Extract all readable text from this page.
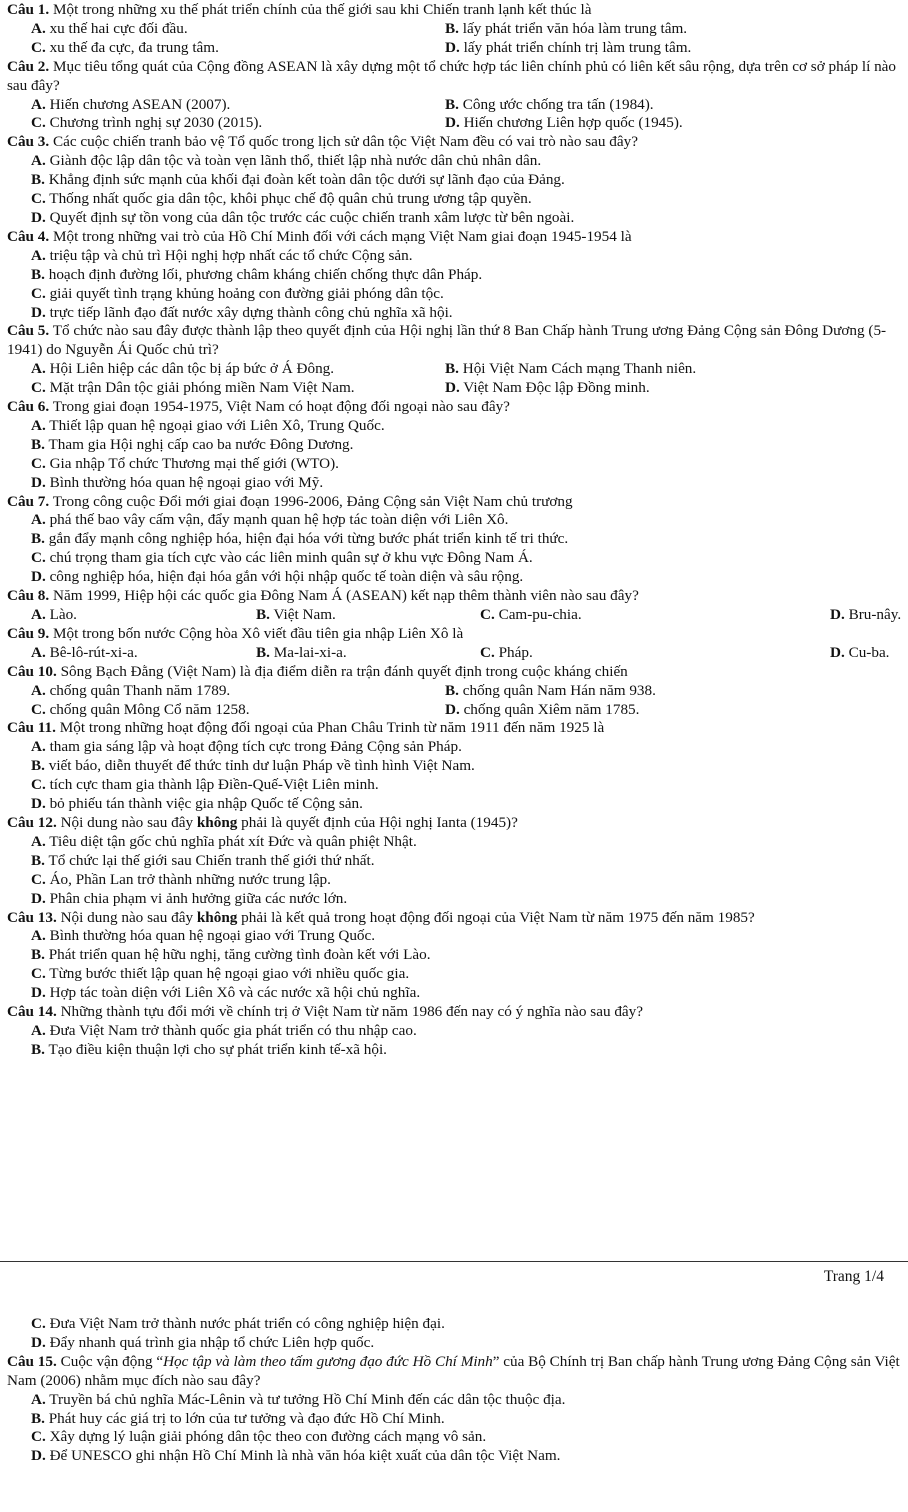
Câu 1. Một trong những xu thế phát triển chính của thế giới sau khi Chiến tranh lạnh kết thúc là

A. xu thế hai cực đối đầu.	B. lấy phát triển văn hóa làm trung tâm.
C. xu thế đa cực, đa trung tâm.	D. lấy phát triển chính trị làm trung tâm.

Câu 2. Mục tiêu tổng quát của Cộng đồng ASEAN là xây dựng một tổ chức hợp tác liên chính phủ có liên kết sâu rộng, dựa trên cơ sở pháp lí nào sau đây?

A. Hiến chương ASEAN (2007).	B. Công ước chống tra tấn (1984).
C. Chương trình nghị sự 2030 (2015).	D. Hiến chương Liên hợp quốc (1945).

Câu 3. Các cuộc chiến tranh bảo vệ Tổ quốc trong lịch sử dân tộc Việt Nam đều có vai trò nào sau đây?

A. Giành độc lập dân tộc và toàn vẹn lãnh thổ, thiết lập nhà nước dân chủ nhân dân.
B. Khẳng định sức mạnh của khối đại đoàn kết toàn dân tộc dưới sự lãnh đạo của Đảng.
C. Thống nhất quốc gia dân tộc, khôi phục chế độ quân chủ trung ương tập quyền.
D. Quyết định sự tồn vong của dân tộc trước các cuộc chiến tranh xâm lược từ bên ngoài.

Câu 4. Một trong những vai trò của Hồ Chí Minh đối với cách mạng Việt Nam giai đoạn 1945-1954 là

A. triệu tập và chủ trì Hội nghị hợp nhất các tổ chức Cộng sản.
B. hoạch định đường lối, phương châm kháng chiến chống thực dân Pháp.
C. giải quyết tình trạng khủng hoảng con đường giải phóng dân tộc.
D. trực tiếp lãnh đạo đất nước xây dựng thành công chủ nghĩa xã hội.

Câu 5. Tổ chức nào sau đây được thành lập theo quyết định của Hội nghị lần thứ 8 Ban Chấp hành Trung ương Đảng Cộng sản Đông Dương (5-1941) do Nguyễn Ái Quốc chủ trì?

A. Hội Liên hiệp các dân tộc bị áp bức ở Á Đông.	B. Hội Việt Nam Cách mạng Thanh niên.
C. Mặt trận Dân tộc giải phóng miền Nam Việt Nam.	D. Việt Nam Độc lập Đồng minh.

Câu 6. Trong giai đoạn 1954-1975, Việt Nam có hoạt động đối ngoại nào sau đây?

A. Thiết lập quan hệ ngoại giao với Liên Xô, Trung Quốc.
B. Tham gia Hội nghị cấp cao ba nước Đông Dương.
C. Gia nhập Tổ chức Thương mại thế giới (WTO).
D. Bình thường hóa quan hệ ngoại giao với Mỹ.

Câu 7. Trong công cuộc Đổi mới giai đoạn 1996-2006, Đảng Cộng sản Việt Nam chủ trương

A. phá thế bao vây cấm vận, đẩy mạnh quan hệ hợp tác toàn diện với Liên Xô.
B. gắn đẩy mạnh công nghiệp hóa, hiện đại hóa với từng bước phát triển kinh tế tri thức.
C. chú trọng tham gia tích cực vào các liên minh quân sự ở khu vực Đông Nam Á.
D. công nghiệp hóa, hiện đại hóa gắn với hội nhập quốc tế toàn diện và sâu rộng.

Câu 8. Năm 1999, Hiệp hội các quốc gia Đông Nam Á (ASEAN) kết nạp thêm thành viên nào sau đây?

A. Lào.	B. Việt Nam.	C. Cam-pu-chia.	D. Bru-nây.

Câu 9. Một trong bốn nước Cộng hòa Xô viết đầu tiên gia nhập Liên Xô là

A. Bê-lô-rút-xi-a.	B. Ma-lai-xi-a.	C. Pháp.	D. Cu-ba.

Câu 10. Sông Bạch Đằng (Việt Nam) là địa điểm diễn ra trận đánh quyết định trong cuộc kháng chiến

A. chống quân Thanh năm 1789.	B. chống quân Nam Hán năm 938.
C. chống quân Mông Cổ năm 1258.	D. chống quân Xiêm năm 1785.

Câu 11. Một trong những hoạt động đối ngoại của Phan Châu Trinh từ năm 1911 đến năm 1925 là

A. tham gia sáng lập và hoạt động tích cực trong Đảng Cộng sản Pháp.
B. viết báo, diễn thuyết để thức tỉnh dư luận Pháp về tình hình Việt Nam.
C. tích cực tham gia thành lập Điền-Quế-Việt Liên minh.
D. bỏ phiếu tán thành việc gia nhập Quốc tế Cộng sản.

Câu 12. Nội dung nào sau đây không phải là quyết định của Hội nghị Ianta (1945)?

A. Tiêu diệt tận gốc chủ nghĩa phát xít Đức và quân phiệt Nhật.
B. Tổ chức lại thế giới sau Chiến tranh thế giới thứ nhất.
C. Áo, Phần Lan trở thành những nước trung lập.
D. Phân chia phạm vi ảnh hưởng giữa các nước lớn.

Câu 13. Nội dung nào sau đây không phải là kết quả trong hoạt động đối ngoại của Việt Nam từ năm 1975 đến năm 1985?

A. Bình thường hóa quan hệ ngoại giao với Trung Quốc.
B. Phát triển quan hệ hữu nghị, tăng cường tình đoàn kết với Lào.
C. Từng bước thiết lập quan hệ ngoại giao với nhiều quốc gia.
D. Hợp tác toàn diện với Liên Xô và các nước xã hội chủ nghĩa.

Câu 14. Những thành tựu đổi mới về chính trị ở Việt Nam từ năm 1986 đến nay có ý nghĩa nào sau đây?

A. Đưa Việt Nam trở thành quốc gia phát triển có thu nhập cao.
B. Tạo điều kiện thuận lợi cho sự phát triển kinh tế-xã hội.
Trang 1/4
C. Đưa Việt Nam trở thành nước phát triển có công nghiệp hiện đại.
D. Đẩy nhanh quá trình gia nhập tổ chức Liên hợp quốc.

Câu 15. Cuộc vận động “Học tập và làm theo tấm gương đạo đức Hồ Chí Minh” của Bộ Chính trị Ban chấp hành Trung ương Đảng Cộng sản Việt Nam (2006) nhằm mục đích nào sau đây?

A. Truyền bá chủ nghĩa Mác-Lênin và tư tưởng Hồ Chí Minh đến các dân tộc thuộc địa.
B. Phát huy các giá trị to lớn của tư tưởng và đạo đức Hồ Chí Minh.
C. Xây dựng lý luận giải phóng dân tộc theo con đường cách mạng vô sản.
D. Để UNESCO ghi nhận Hồ Chí Minh là nhà văn hóa kiệt xuất của dân tộc Việt Nam.
